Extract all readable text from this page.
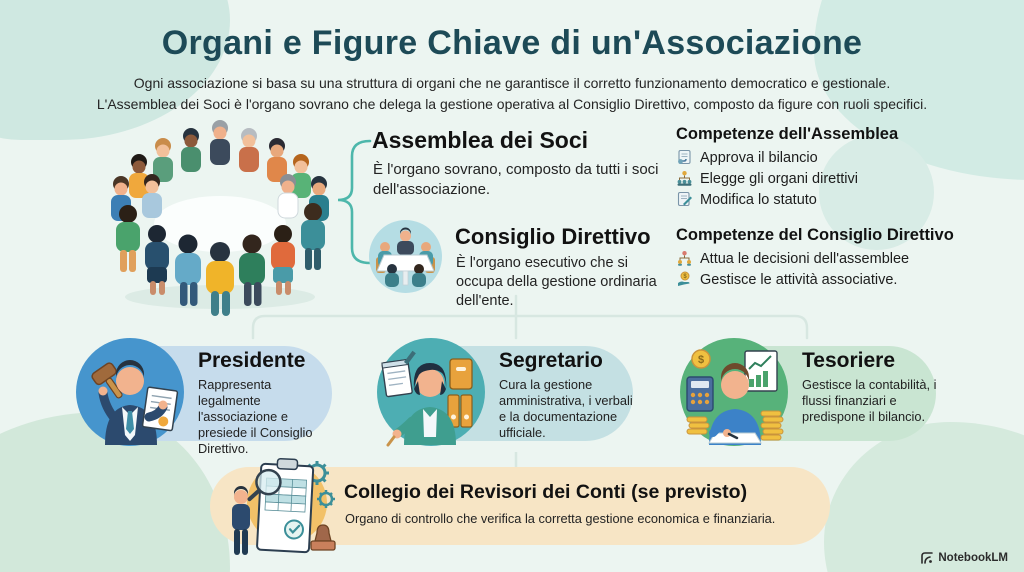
Organi e Figure Chiave di un'Associazione
Ogni associazione si basa su una struttura di organi che ne garantisce il corretto funzionamento democratico e gestionale.
L'Assemblea dei Soci è l'organo sovrano che delega la gestione operativa al Consiglio Direttivo, composto da figure con ruoli specifici.
Assemblea dei Soci
È l'organo sovrano, composto da tutti i soci dell'associazione.
Competenze dell'Assemblea
Approva il bilancio
Elegge gli organi direttivi
Modifica lo statuto
Consiglio Direttivo
È l'organo esecutivo che si occupa della gestione ordinaria dell'ente.
Competenze del Consiglio Direttivo
Attua le decisioni dell'assemblee
$ Gestisce le attività associative.
Presidente
Rappresenta legalmente l'associazione e presiede il Consiglio Direttivo.
Segretario
Cura la gestione amministrativa, i verbali e la documentazione ufficiale.
$	Tesoriere
Gestisce la contabilità, i flussi finanziari e predispone il bilancio.
Collegio dei Revisori dei Conti (se previsto)
Organo di controllo che verifica la corretta gestione economica e finanziaria.
NotebookLM
